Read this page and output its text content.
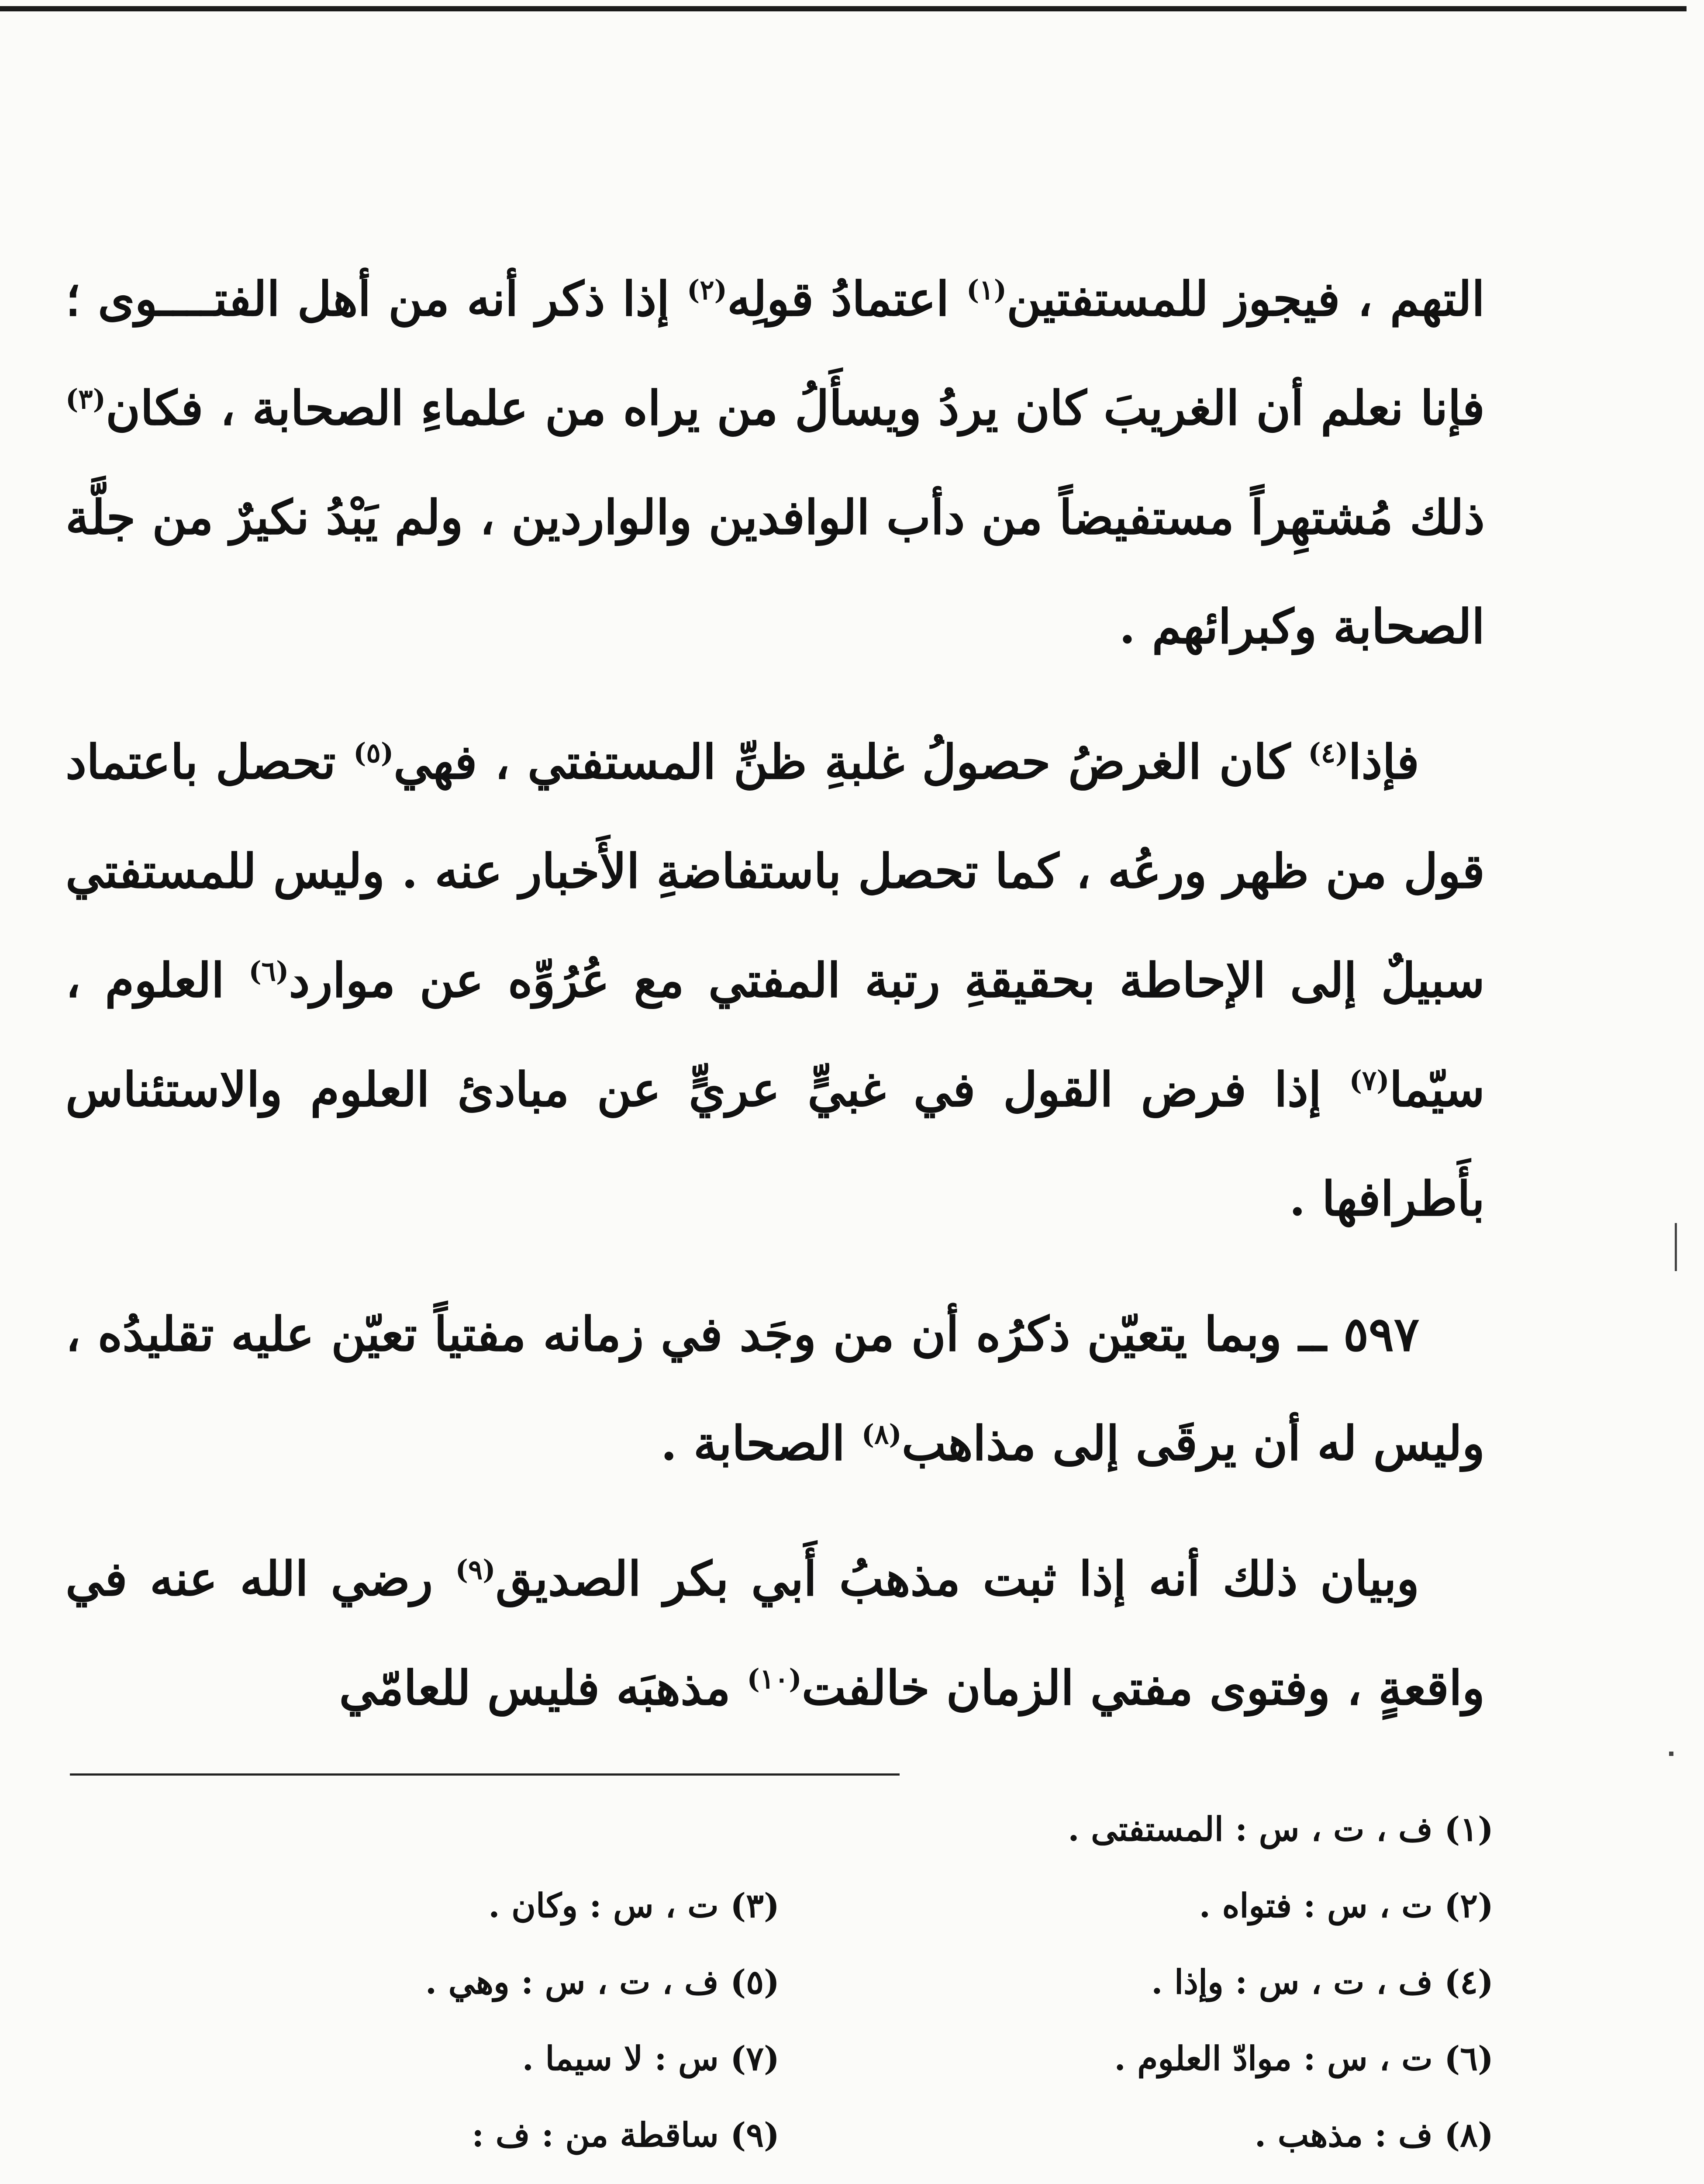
التهم ، فيجوز للمستفتين$^{(١)}$ اعتمادُ قولِه$^{(٢)}$ إذا ذكر أنه من أهل الفتــــوى ؛ فإنا نعلم أن الغريبَ كان يردُ ويسأَلُ من يراه من علماءِ الصحابة ، فكان$^{(٣)}$ ذلك مُشتهِراً مستفيضاً من دأب الوافدين والواردين ، ولم يَبْدُ نكيرٌ من جلَّة الصحابة وكبرائهم .

فإذا$^{(٤)}$ كان الغرضُ حصولُ غلبةِ ظنِّ المستفتي ، فهي$^{(٥)}$ تحصل باعتماد قول من ظهر ورعُه ، كما تحصل باستفاضةِ الأَخبار عنه . وليس للمستفتي سبيلٌ إلى الإحاطة بحقيقةِ رتبة المفتي مع عُرُوِّه عن موارد$^{(٦)}$ العلوم ، سيّما$^{(٧)}$ إذا فرض القول في غبيٍّ عريٍّ عن مبادئ العلوم والاستئناس بأَطرافها .

٥٩٧ ــ وبما يتعيّن ذكرُه أن من وجَد في زمانه مفتياً تعيّن عليه تقليدُه ، وليس له أن يرقَى إلى مذاهب$^{(٨)}$ الصحابة .

وبيان ذلك أنه إذا ثبت مذهبُ أَبي بكر الصديق$^{(٩)}$ رضي الله عنه في واقعةٍ ، وفتوى مفتي الزمان خالفت$^{(١٠)}$ مذهبَه فليس للعامّي

(١) ف ، ت ، س : المستفتى .
(٢) ت ، س : فتواه .
(٣) ت ، س : وكان .
(٤) ف ، ت ، س : وإذا .
(٥) ف ، ت ، س : وهي .
(٦) ت ، س : موادّ العلوم .
(٧) س : لا سيما .
(٨) ف : مذهب .
(٩) ساقطة من : ف :
